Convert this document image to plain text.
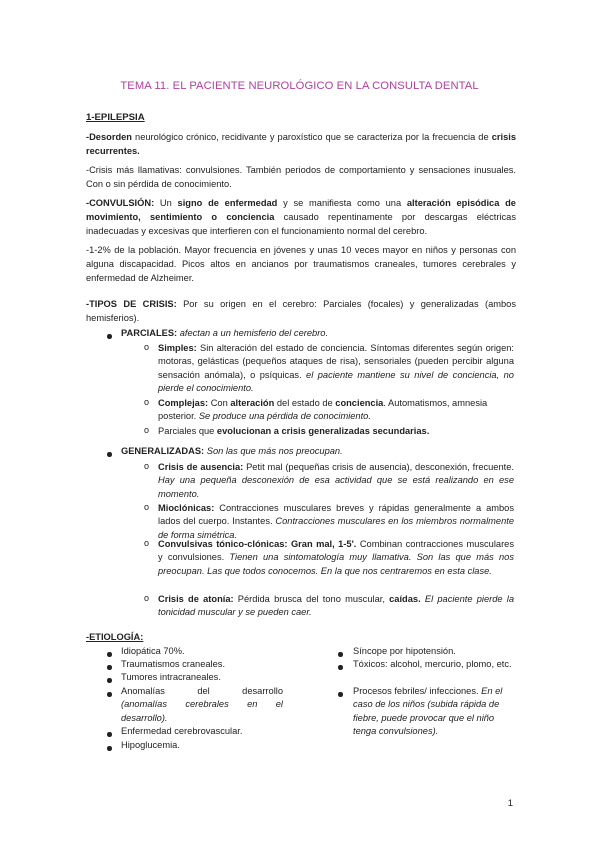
TEMA 11. EL PACIENTE NEUROLÓGICO EN LA CONSULTA DENTAL
1-EPILEPSIA
-Desorden neurológico crónico, recidivante y paroxístico que se caracteriza por la frecuencia de crisis recurrentes.
-Crisis más llamativas: convulsiones. También periodos de comportamiento y sensaciones inusuales. Con o sin pérdida de conocimiento.
-CONVULSIÓN: Un signo de enfermedad y se manifiesta como una alteración episódica de movimiento, sentimiento o conciencia causado repentinamente por descargas eléctricas inadecuadas y excesivas que interfieren con el funcionamiento normal del cerebro.
-1-2% de la población. Mayor frecuencia en jóvenes y unas 10 veces mayor en niños y personas con alguna discapacidad. Picos altos en ancianos por traumatismos craneales, tumores cerebrales y enfermedad de Alzheimer.
-TIPOS DE CRISIS: Por su origen en el cerebro: Parciales (focales) y generalizadas (ambos hemisferios).
PARCIALES: afectan a un hemisferio del cerebro.
o Simples: Sin alteración del estado de conciencia. Síntomas diferentes según origen: motoras, gelásticas (pequeños ataques de risa), sensoriales (pueden percibir alguna sensación anómala), o psíquicas. el paciente mantiene su nivel de conciencia, no pierde el conocimiento.
o Complejas: Con alteración del estado de conciencia. Automatismos, amnesia posterior. Se produce una pérdida de conocimiento.
o Parciales que evolucionan a crisis generalizadas secundarias.
GENERALIZADAS: Son las que más nos preocupan.
o Crisis de ausencia: Petit mal (pequeñas crisis de ausencia), desconexión, frecuente. Hay una pequeña desconexión de esa actividad que se está realizando en ese momento.
o Mioclónicas: Contracciones musculares breves y rápidas generalmente a ambos lados del cuerpo. Instantes. Contracciones musculares en los miembros normalmente de forma simétrica.
o Convulsivas tónico-clónicas: Gran mal, 1-5'. Combinan contracciones musculares y convulsiones. Tienen una sintomatología muy llamativa. Son las que más nos preocupan. Las que todos conocemos. En la que nos centraremos en esta clase.
o Crisis de atonía: Pérdida brusca del tono muscular, caídas. El paciente pierde la tonicidad muscular y se pueden caer.
-ETIOLOGÍA:
Idiopática 70%.
Traumatismos craneales.
Tumores intracraneales.
Anomalías del desarrollo
(anomalías cerebrales en el desarrollo).
Enfermedad cerebrovascular.
Hipoglucemia.
Síncope por hipotensión.
Tóxicos: alcohol, mercurio, plomo, etc.
Procesos febriles/ infecciones. En el caso de los niños (subida rápida de fiebre, puede provocar que el niño tenga convulsiones).
1
